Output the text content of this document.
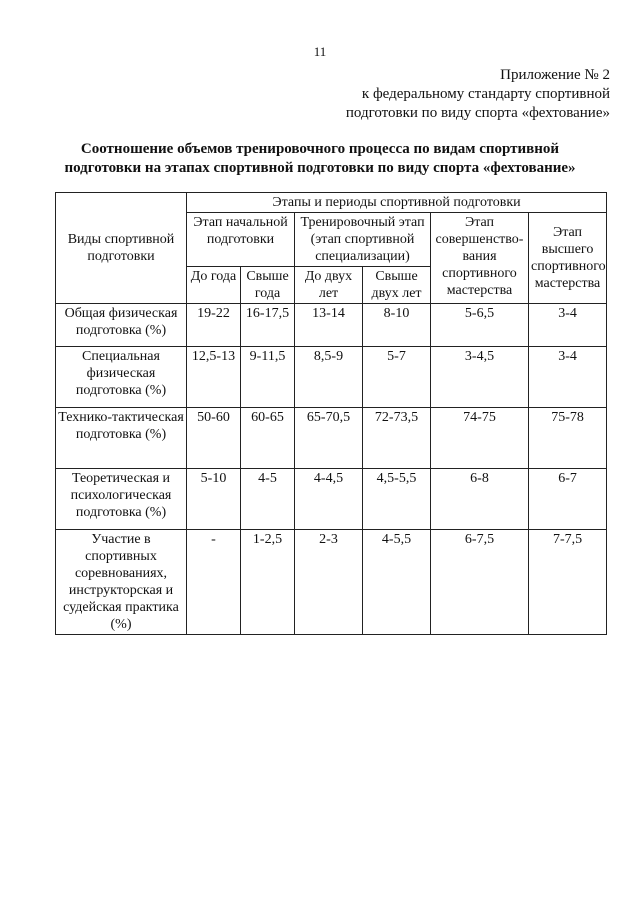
11
Приложение № 2
к федеральному стандарту спортивной
подготовки по виду спорта «фехтование»
Соотношение объемов тренировочного процесса по видам спортивной
подготовки на этапах спортивной подготовки по виду спорта «фехтование»
Виды спортивной подготовки	Этапы и периоды спортивной подготовки					
	Этап начальной подготовки		Тренировочный этап (этап спортивной специализации)		Этап совершенство-вания спортивного мастерства	Этап высшего спортивного мастерства
	До года	Свыше года	До двух лет	Свыше двух лет		
Общая физическая подготовка (%)	19-22	16-17,5	13-14	8-10	5-6,5	3-4
Специальная физическая подготовка (%)	12,5-13	9-11,5	8,5-9	5-7	3-4,5	3-4
Технико-тактическая подготовка (%)	50-60	60-65	65-70,5	72-73,5	74-75	75-78
Теоретическая и психологическая подготовка (%)	5-10	4-5	4-4,5	4,5-5,5	6-8	6-7
Участие в спортивных соревнованиях, инструкторская и судейская практика (%)	-	1-2,5	2-3	4-5,5	6-7,5	7-7,5
